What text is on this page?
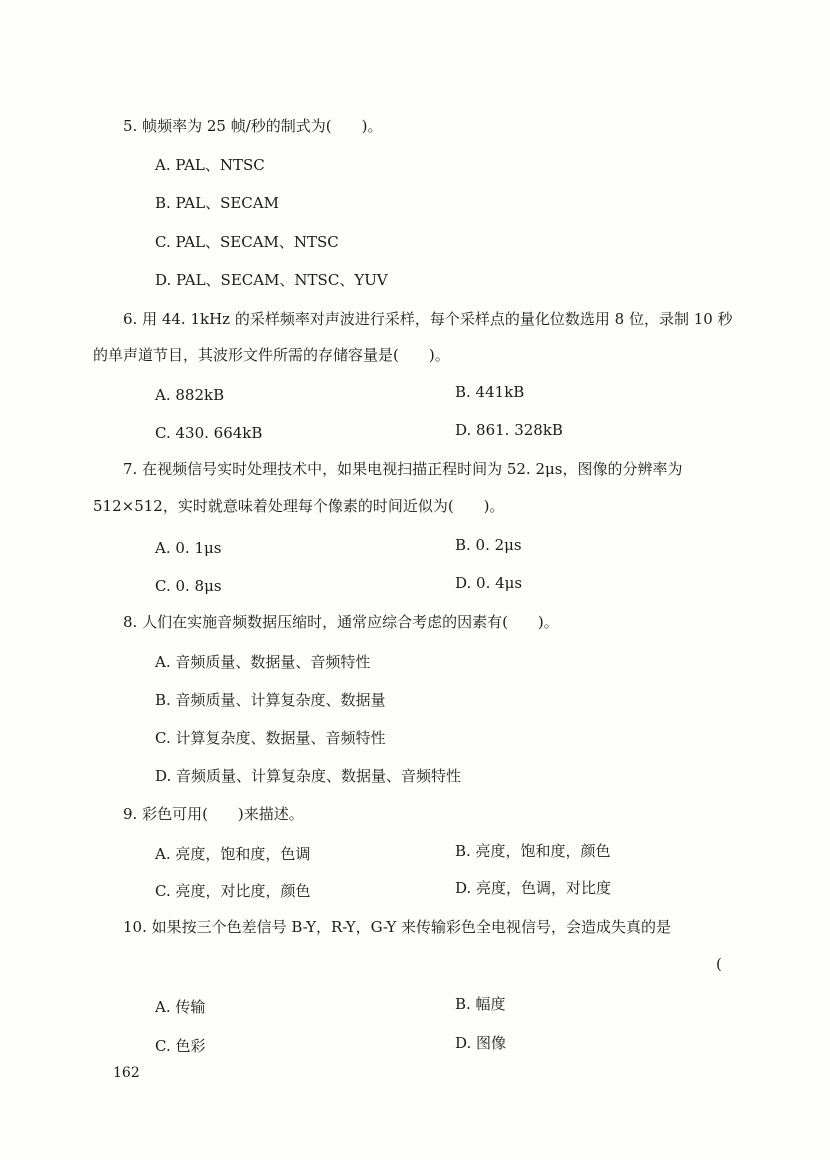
5. 帧频率为 25 帧/秒的制式为(　　)。
A. PAL、NTSC
B. PAL、SECAM
C. PAL、SECAM、NTSC
D. PAL、SECAM、NTSC、YUV
6. 用 44. 1kHz 的采样频率对声波进行采样，每个采样点的量化位数选用 8 位，录制 10 秒
的单声道节目，其波形文件所需的存储容量是(　　)。
A. 882kB	B. 441kB
C. 430. 664kB	D. 861. 328kB
7. 在视频信号实时处理技术中，如果电视扫描正程时间为 52. 2μs，图像的分辨率为
512×512，实时就意味着处理每个像素的时间近似为(　　)。
A. 0. 1μs	B. 0. 2μs
C. 0. 8μs	D. 0. 4μs
8. 人们在实施音频数据压缩时，通常应综合考虑的因素有(　　)。
A. 音频质量、数据量、音频特性
B. 音频质量、计算复杂度、数据量
C. 计算复杂度、数据量、音频特性
D. 音频质量、计算复杂度、数据量、音频特性
9. 彩色可用(　　)来描述。
A. 亮度，饱和度，色调	B. 亮度，饱和度，颜色
C. 亮度，对比度，颜色	D. 亮度，色调，对比度
10. 如果按三个色差信号 B-Y，R-Y，G-Y 来传输彩色全电视信号，会造成失真的是
(
A. 传输	B. 幅度
C. 色彩	D. 图像
162
